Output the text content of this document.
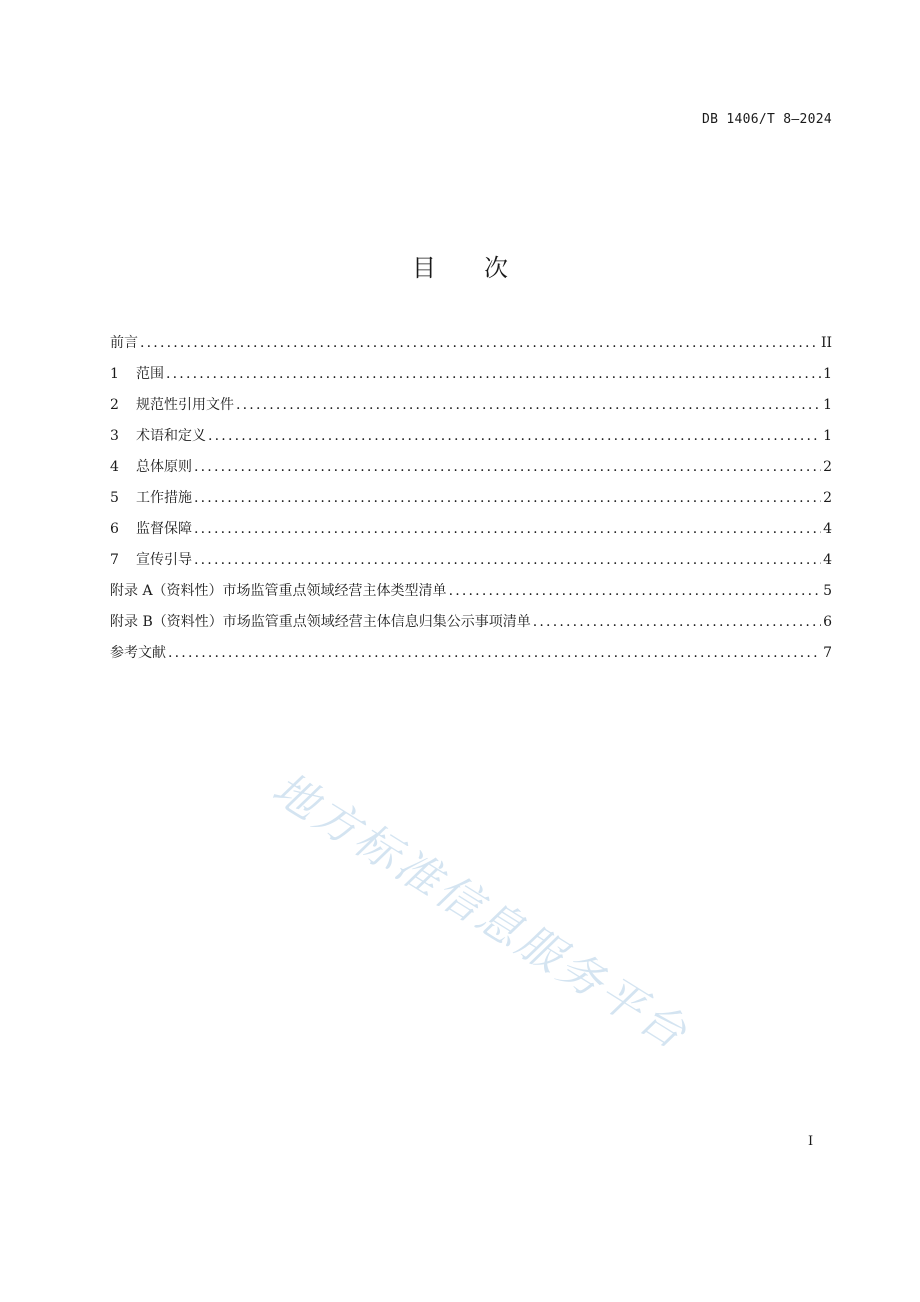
DB 1406/T 8—2024
目 次
前言 .....	II
1	范围 .....	1
2	规范性引用文件 .....	1
3	术语和定义 .....	1
4	总体原则 .....	2
5	工作措施 .....	2
6	监督保障 .....	4
7	宣传引导 .....	4
附录 A（资料性）市场监管重点领域经营主体类型清单 .....	5
附录 B（资料性）市场监管重点领域经营主体信息归集公示事项清单 .....	6
参考文献 .....	7
I
地方标准信息服务平台
